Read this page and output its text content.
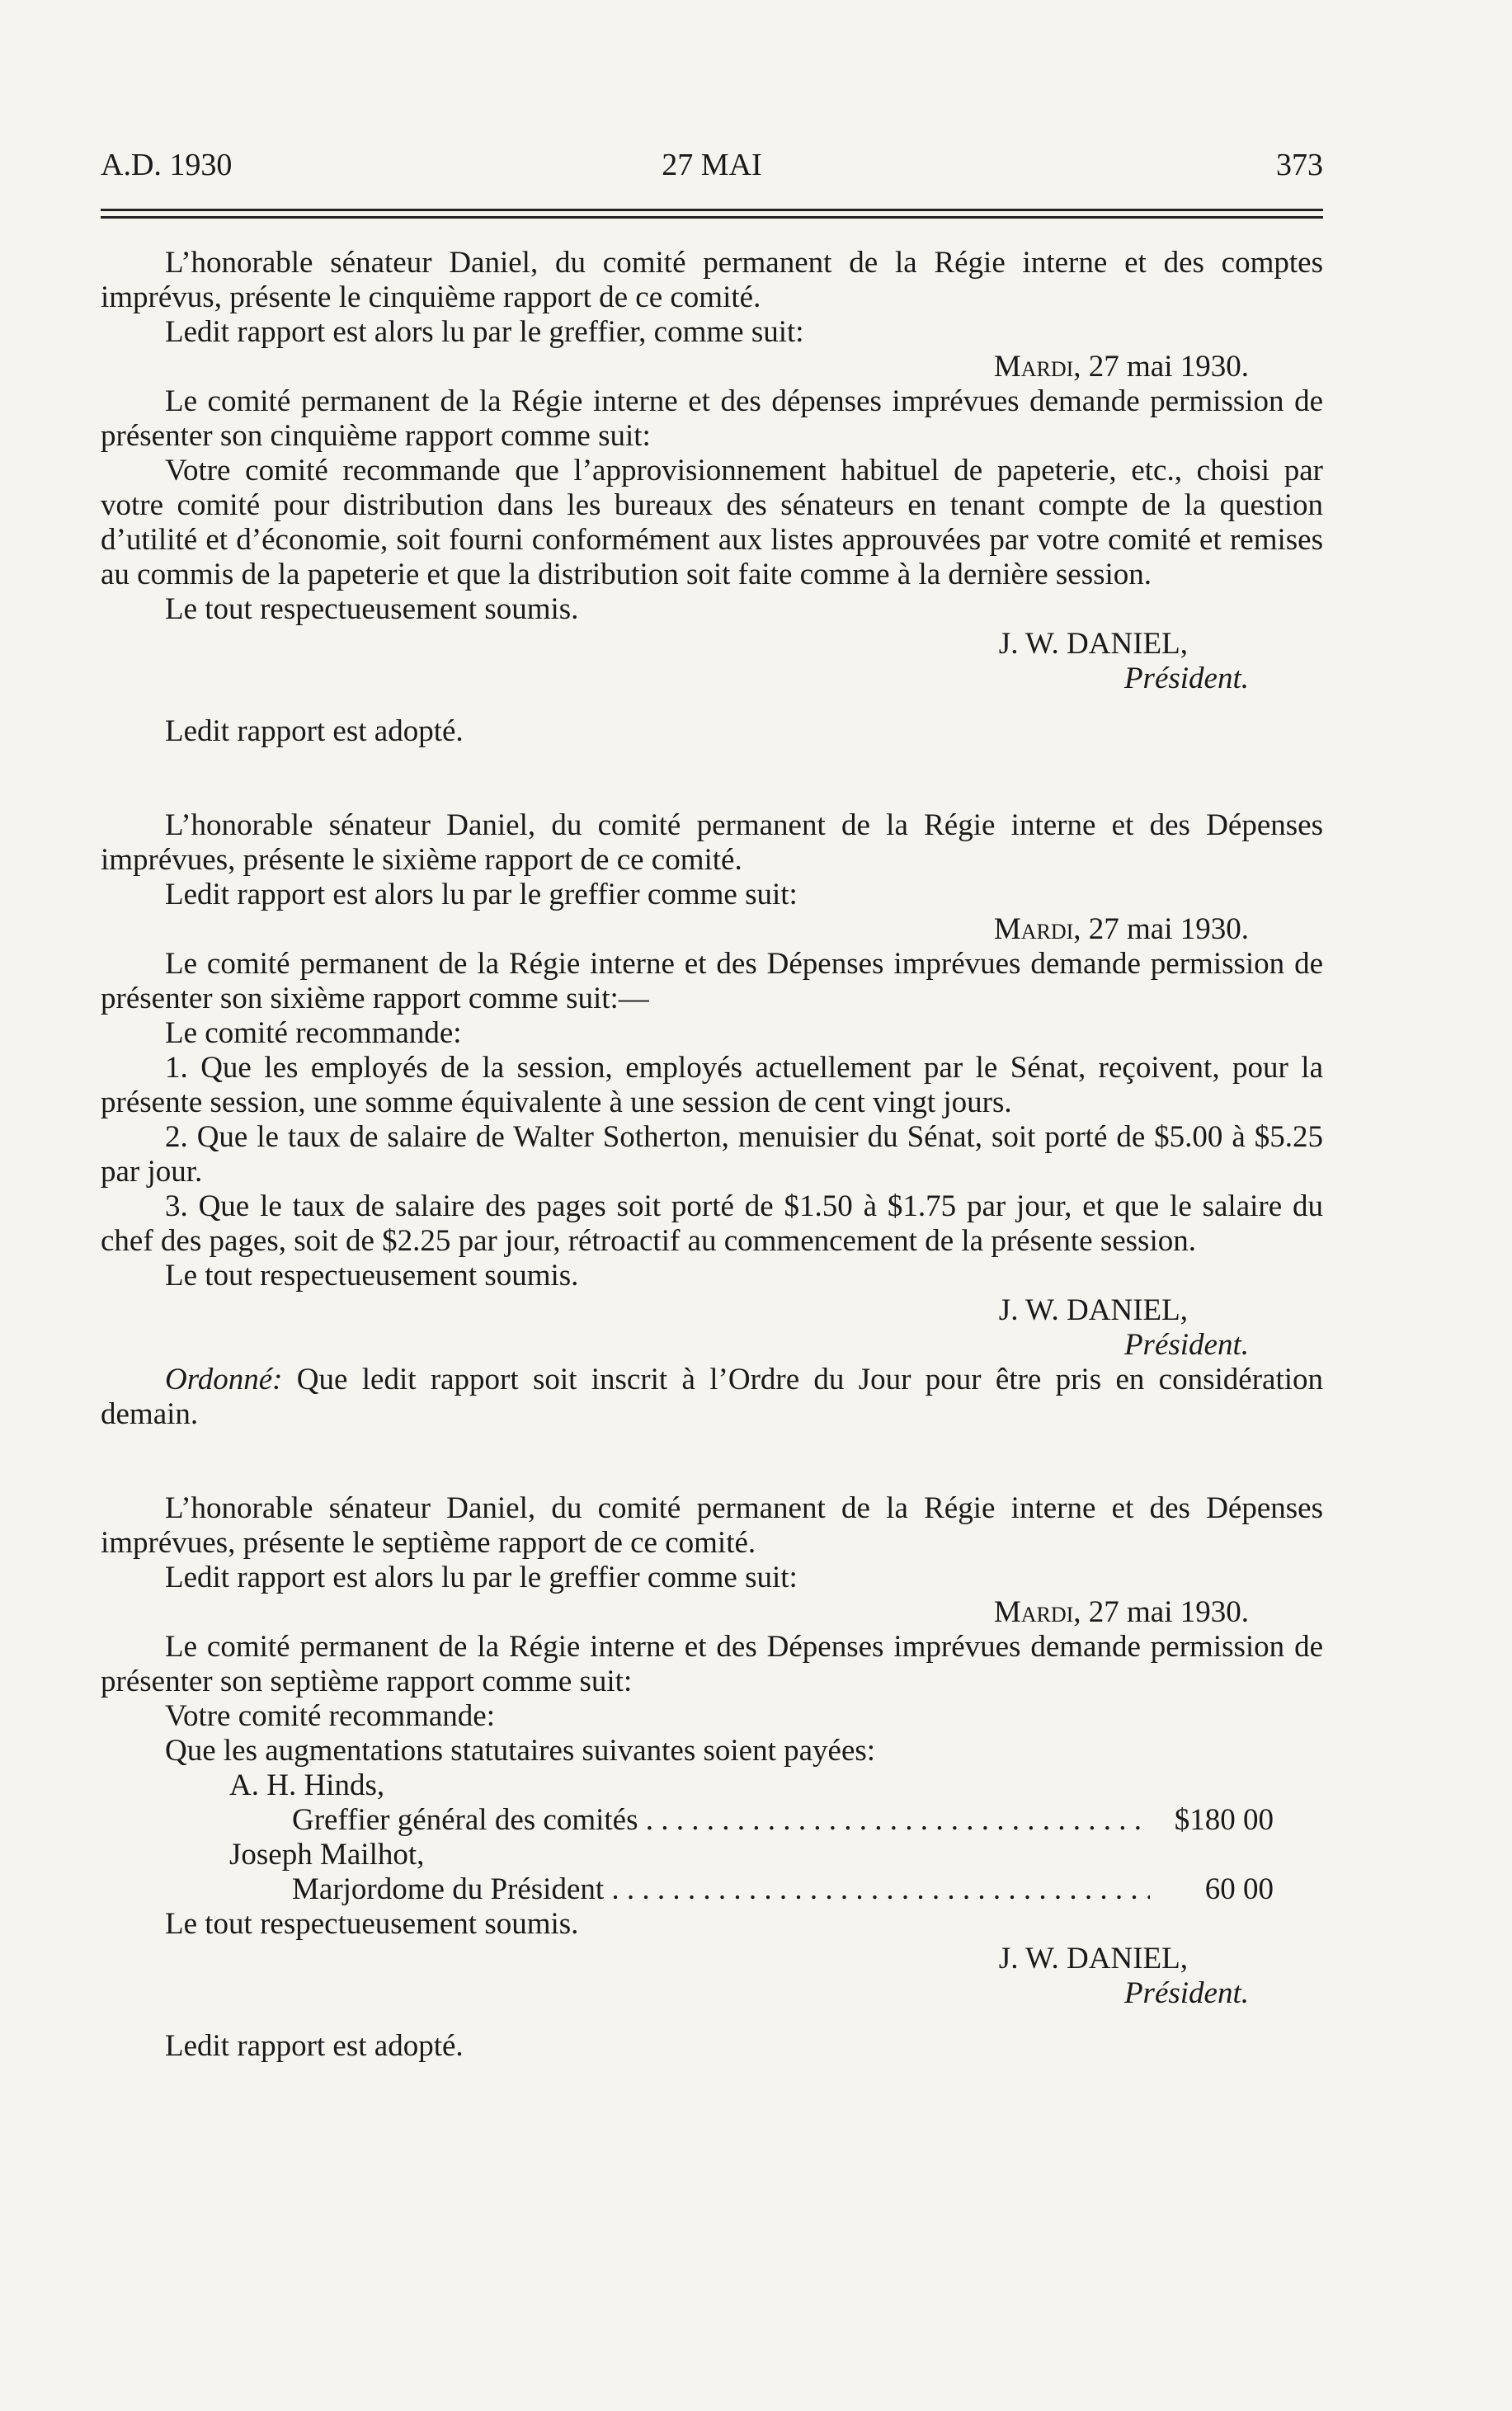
A.D. 1930	27 MAI	373

L’honorable sénateur Daniel, du comité permanent de la Régie interne et des comptes imprévus, présente le cinquième rapport de ce comité.

Ledit rapport est alors lu par le greffier, comme suit:

Mardi, 27 mai 1930.

Le comité permanent de la Régie interne et des dépenses imprévues demande permission de présenter son cinquième rapport comme suit:

Votre comité recommande que l’approvisionnement habituel de papeterie, etc., choisi par votre comité pour distribution dans les bureaux des sénateurs en tenant compte de la question d’utilité et d’économie, soit fourni conformément aux listes approuvées par votre comité et remises au commis de la papeterie et que la distribution soit faite comme à la dernière session.

Le tout respectueusement soumis.

J. W. DANIEL,

Président.

Ledit rapport est adopté.

L’honorable sénateur Daniel, du comité permanent de la Régie interne et des Dépenses imprévues, présente le sixième rapport de ce comité.

Ledit rapport est alors lu par le greffier comme suit:

Mardi, 27 mai 1930.

Le comité permanent de la Régie interne et des Dépenses imprévues demande permission de présenter son sixième rapport comme suit:—

Le comité recommande:

1. Que les employés de la session, employés actuellement par le Sénat, reçoivent, pour la présente session, une somme équivalente à une session de cent vingt jours.

2. Que le taux de salaire de Walter Sotherton, menuisier du Sénat, soit porté de $5.00 à $5.25 par jour.

3. Que le taux de salaire des pages soit porté de $1.50 à $1.75 par jour, et que le salaire du chef des pages, soit de $2.25 par jour, rétroactif au commencement de la présente session.

Le tout respectueusement soumis.

J. W. DANIEL,

Président.

Ordonné: Que ledit rapport soit inscrit à l’Ordre du Jour pour être pris en considération demain.

L’honorable sénateur Daniel, du comité permanent de la Régie interne et des Dépenses imprévues, présente le septième rapport de ce comité.

Ledit rapport est alors lu par le greffier comme suit:

Mardi, 27 mai 1930.

Le comité permanent de la Régie interne et des Dépenses imprévues demande permission de présenter son septième rapport comme suit:

Votre comité recommande:

Que les augmentations statutaires suivantes soient payées:

A. H. Hinds,

Greffier général des comités . . .	$180 00

Joseph Mailhot,

Marjordome du Président . . .	60 00

Le tout respectueusement soumis.

J. W. DANIEL,

Président.

Ledit rapport est adopté.
